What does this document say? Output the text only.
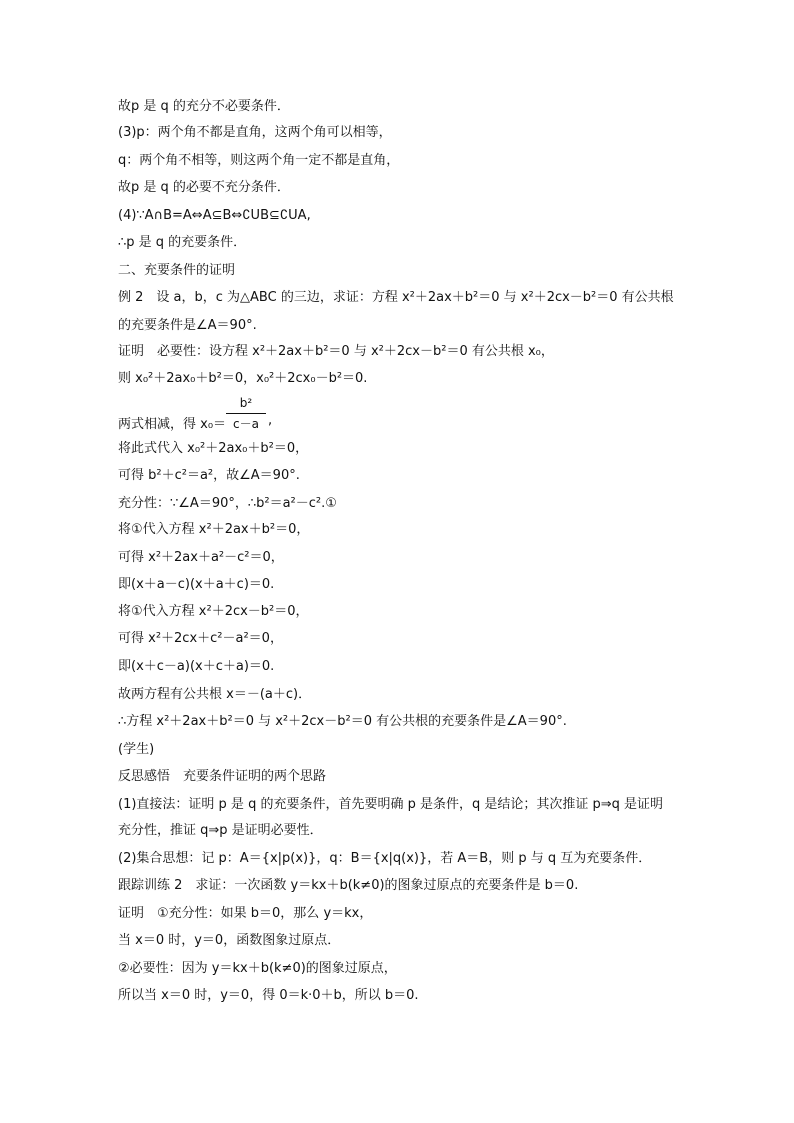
故p 是 q 的充分不必要条件．
(3)p：两个角不都是直角，这两个角可以相等，
q：两个角不相等，则这两个角一定不都是直角，
故p 是 q 的必要不充分条件．
(4)∵A∩B=A⇔A⊆B⇔∁UB⊆∁UA,
∴p 是 q 的充要条件．
二、充要条件的证明
例 2　设 a，b，c 为△ABC 的三边，求证：方程 x²＋2ax＋b²＝0 与 x²＋2cx－b²＝0 有公共根
的充要条件是∠A＝90°.
证明　必要性：设方程 x²＋2ax＋b²＝0 与 x²＋2cx－b²＝0 有公共根 x₀，
则 x₀²＋2ax₀＋b²＝0，x₀²＋2cx₀－b²＝0.
两式相减，得 x₀＝
b²
c－a ,
将此式代入 x₀²＋2ax₀＋b²＝0，
可得 b²＋c²＝a²，故∠A＝90°.
充分性：∵∠A＝90°，∴b²＝a²－c².①
将①代入方程 x²＋2ax＋b²＝0，
可得 x²＋2ax＋a²－c²＝0，
即(x＋a－c)(x＋a＋c)＝0.
将①代入方程 x²＋2cx－b²＝0，
可得 x²＋2cx＋c²－a²＝0，
即(x＋c－a)(x＋c＋a)＝0.
故两方程有公共根 x＝－(a＋c)．
∴方程 x²＋2ax＋b²＝0 与 x²＋2cx－b²＝0 有公共根的充要条件是∠A＝90°.
(学生)
反思感悟　充要条件证明的两个思路
(1)直接法：证明 p 是 q 的充要条件，首先要明确 p 是条件，q 是结论；其次推证 p⇒q 是证明
充分性，推证 q⇒p 是证明必要性．
(2)集合思想：记 p：A＝{x|p(x)}，q：B＝{x|q(x)}，若 A＝B，则 p 与 q 互为充要条件．
跟踪训练 2　求证：一次函数 y＝kx＋b(k≠0)的图象过原点的充要条件是 b＝0.
证明　①充分性：如果 b＝0，那么 y＝kx，
当 x＝0 时，y＝0，函数图象过原点．
②必要性：因为 y＝kx＋b(k≠0)的图象过原点，
所以当 x＝0 时，y＝0，得 0＝k·0＋b，所以 b＝0.
